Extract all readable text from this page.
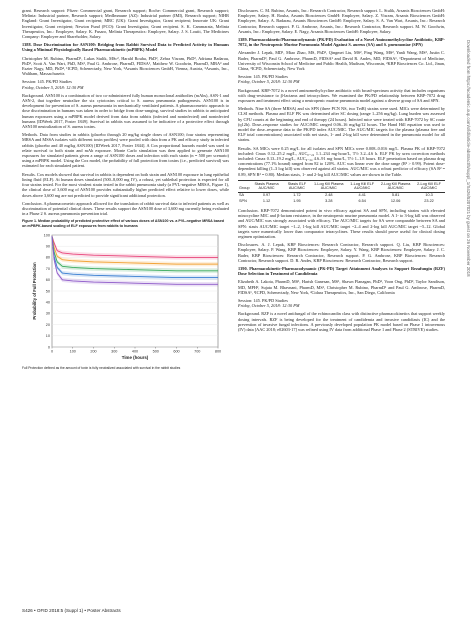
grant. Research support: Pfizer: Commercial grant, Research support; Roche: Commercial grant, Research support; Melinta: Industrial partner, Research support; MedImmune (AZ): Industrial partner (IMI), Research support; NIHR England: Grant Investigator, Grant recipient; MRC (UK): Grant Investigator, Grant recipient; Innovate UK: Grant Investigator, Grant recipient; Newton Fund (FCO): Grant Investigator, Grant recipient. S. K. Cammarata, Melinta Therapeutics, Inc.: Employee, Salary. K. Fusaro, Melinta Therapeutics: Employee, Salary. J. S. Loutit, The Medicines Company: Employee and Shareholder, Salary.

1388. Dose Discrimination for ASN100: Bridging from Rabbit Survival Data to Predicted Activity in Humans Using a Minimal Physiologically Based Pharmacokinetic (mPBPK) Model

Christopher M. Rubino, PharmD¹, Lukas Stulik, MSc², Harald Rouha, PhD², Zehra Visram, PhD², Adriana Badarau, PhD², Scott A. Van Wart, PhD, MS¹, Paul G. Ambrose, PharmD, FIDSA¹, Matthew W. Goodwin, PharmD, MBA³ and Eszter Nagy, MD, PhD⁴, ¹ICPD, Schenectady, New York, ²Arsanis Biosciences GmbH, Vienna, Austria, ³Arsanis, Inc., Waltham, Massachusetts

Session: 145. PK/PD Studies

Friday, October 5, 2018: 12:30 PM

Background. ASN100 is a combination of two co-administered fully human monoclonal antibodies (mAbs), ASN-1 and ASN-2, that together neutralize the six cytotoxins critical to S. aureus pneumonia pathogenesis. ASN100 is in development for prevention of S. aureus pneumonia in mechanically ventilated patients. A pharmacometric approach to dose discrimination in humans was taken in order to bridge from dose-ranging, survival studies in rabbits to anticipated human exposures using a mPBPK model derived from data from rabbits (infected and noninfected) and noninfected humans [IDWeek 2017, Poster 1849]. Survival in rabbits was assumed to be indicative of a protective effect through ASN100 neutralization of S. aureus toxins.

Methods. Data from studies in rabbits (placebo through 20 mg/kg single doses of ASN100; four strains representing MRSA and MSSA isolates with different toxin profiles) were pooled with data from a PK and efficacy study in infected rabbits (placebo and 40 mg/kg ASN100) [IDWeek 2017, Poster 1844]. A Cox proportional hazards model was used to relate survival to both strain and mAb exposure. Monte Carlo simulation was then applied to generate ASN100 exposures for simulated patients given a range of ASN100 doses and infection with each strain (n = 500 per scenario) using a mPBPK model. Using the Cox model, the probability of full protection from toxins (i.e., predicted survival) was estimated for each simulated patient.

Results. Cox models showed that survival in rabbits is dependent on both strain and ASN100 exposure in lung epithelial lining fluid (ELF). At human doses simulated (500–8,000 mg IV), a robust, yet sublethal protection is expected for all four strains tested. For the most virulent strain tested in the rabbit pneumonia study (a PVL-negative MRSA, Figure 1), the clinical dose of 3,600 mg of ASN100 provides substantially higher predicted effect relative to lower doses, while doses above 3,600 mg are not predicted to provide significant additional protection.

Conclusion. A pharmacometric approach allowed for the translation of rabbit survival data to infected patients as well as discrimination of potential clinical doses. These results support the ASN100 dose of 3,600 mg currently being evaluated in a Phase 2 S. aureus pneumonia prevention trial.

Figure 1. Median probability of predicted protective effect of various doses of ASN100 vs. a PVL-negative MRSA based on mPBPK-based scaling of ELF exposures from rabbits to humans
0
10
20
30
40
50
60
70
80
90
100
0	100	200	300	400	500	600	700	800
Time (hours)
Probability of Full Protection
Full Protection defined as the amount of toxin is fully neutralized associated with survival in the rabbit studies

Disclosures. C. M. Rubino, Arsanis, Inc.: Research Contractor, Research support. L. Stulik, Arsanis Biosciences GmbH: Employee, Salary. H. Rouha, Arsanis Biosciences GmbH: Employee, Salary. Z. Visram, Arsanis Biosciences GmbH: Employee, Salary. A. Badarau, Arsanis Biosciences GmbH: Employee, Salary. S. A. Van Wart, Arsanis, Inc.: Research Contractor, Research support. P. G. Ambrose, Arsanis, Inc.: Research Contractor, Research support. M. W. Goodwin, Arsanis, Inc.: Employee, Salary. E. Nagy, Arsanis Biosciences GmbH: Employee, Salary.

1389. Pharmacokinetic/Pharmacodynamic (PK/PD) Evaluation of a Novel Aminomethylcycline Antibiotic, KBP-7072, in the Neutropenic Murine Pneumonia Model Against S. aureus (SA) and S. pneumoniae (SPN)

Alexander J. Lepak, MD¹, Miao Zhao, MS, PhD¹, Qingmei Liu, MS², Ping Wang, MS², Yanli Wang, MS², Justin C. Bader, PharmD³, Paul G. Ambrose, PharmD, FIDSA³ and David R. Andes, MD, FIDSA¹, ¹Department of Medicine, University of Wisconsin School of Medicine and Public Health, Madison, Wisconsin, ²KBP Biosciences Co. Ltd., Jinan, China, ³ICPD, Schenectady, New York

Session: 145. PK/PD Studies

Friday, October 5, 2018: 12:30 PM

Background. KBP-7072 is a novel aminomethylcycline antibiotic with broad-spectrum activity that includes organisms with drug-resistance to β-lactams and tetracyclines. We examined the PK/PD relationship between KBP-7072 drug exposures and treatment effect using a neutropenic murine pneumonia model against a diverse group of SA and SPN.

Methods. Nine SA (three MRSA) and six SPN (three PCN NS, two TetR) strains were used. MICs were determined by CLSI methods. Plasma and ELF PK was determined after SC dosing (range 1–256 mg/kg). Lung burden was assessed by CFU counts at the beginning and end of therapy (24 hours). Infected mice were treated with KBP-7072 by SC route (q12h). Dose–response studies for AUC/MIC ranged 0.06–16 mg/kg/12 hours. The Hand Hill equation was used to model the dose–response data to the PK/PD index AUC/MIC. The AUC/MIC targets for the plasma (plasma free and ELF total concentrations) associated with net stasis, 1- and 2-log kill were determined in the pneumonia model for all strains.

Results. SA MICs were 0.25 mg/L for all isolates and SPN MICs were 0.008–0.016 mg/L. Plasma PK of KBP-7072 included: Cmax 0.12–25.2 mg/L, AUC₀₋₂₄ 1.1–234 mg·hour/L, T½ 3.2–4.6 h. ELF PK by urea correction methods included: Cmax 0.13–19.2 mg/L, AUC₀₋₂₄ 4.6–91 mg·hour/L, T½ 1–1.8 hours. ELF penetration based on plasma drug concentrations (77.1% bound) ranged from 82 to 120%. AUC was linear over the dose range (R² > 0.99). Potent dose-dependent killing (1–3 log kill) was observed against all strains. AUC/MIC was a robust predictor of efficacy (SA R² = 0.89, SPN R² = 0.80). Median stasis, 1- and 2-log kill AUC/MIC values are shown in the Table.

Group	Stasis Plasma AUC/MIC	Stasis ELF AUC/MIC	1-Log Kill Plasma AUC/MIC	1-Log Kill ELF AUC/MIC	2-Log Kill Plasma AUC/MIC	2-Log Kill ELF AUC/MIC
SA	0.97	1.72	2.48	4.41	5.81	10.3
SPN	1.12	1.95	3.28	6.54	12.06	23.22

Conclusion. KBP-7072 demonstrated potent in vivo efficacy against SA and SPN, including strains with elevated minocycline MIC and β-lactam resistance, in the neutropenic murine pneumonia model. A 1- to 3-log kill was observed and AUC/MIC was strongly associated with efficacy. The AUC/MIC targets for SA were comparable between SA and SPN: stasis AUC/MIC target ~1–2, 1-log kill AUC/MIC target ~2–4 and 2-log kill AUC/MIC target ~5–12. Global targets were numerically lower than comparator tetracyclines. These results should prove useful for clinical dosing regimen optimization.

Disclosures. A. J. Lepak, KBP Biosciences: Research Contractor, Research support. Q. Liu, KBP Biosciences: Employee, Salary. P. Wang, KBP Biosciences: Employee, Salary. Y. Wang, KBP Biosciences: Employee, Salary. J. C. Bader, KBP Biosciences: Research Contractor, Research support. P. G. Ambrose, KBP Biosciences: Research Contractor, Research support. D. R. Andes, KBP Biosciences: Research Contractor, Research support.

1390. Pharmacokinetic-Pharmacodynamic (PK-PD) Target Attainment Analyses to Support Rezafungin (RZF) Dose Selection in Treatment of Candidemia

Elizabeth A. Lakota, PharmD, MS¹, Harish Ganesan, MS¹, Shawn Flanagan, PhD², Voon Ong, PhD², Taylor Sandison, MD, MPH², Sujata M. Bhavnani, PharmD, MS¹, Christopher M. Rubino, PharmD¹ and Paul G. Ambrose, PharmD, FIDSA¹, ¹ICPD, Schenectady, New York, ²Cidara Therapeutics, Inc., San Diego, California

Session: 145. PK/PD Studies

Friday, October 5, 2018: 12:30 PM

Background. RZF is a novel antifungal of the echinocandin class with distinctive pharmacokinetics that support weekly dosing intervals. RZF is being developed for the treatment of candidemia and invasive candidiasis (IC) and the prevention of invasive fungal infections. A previously developed population PK model based on Phase 1 intravenous (IV) data [AAC 2018; e02603-17] was refined using IV data from additional Phase 1 and Phase 2 (STRIVE) studies.

S426 • OFID 2018:5 (Suppl 1) • Poster Abstracts
Downloaded from https://academic.oup.com/ofid/article-abstract/5/suppl_1/S426/5207021 by guest on 26 November 2018
